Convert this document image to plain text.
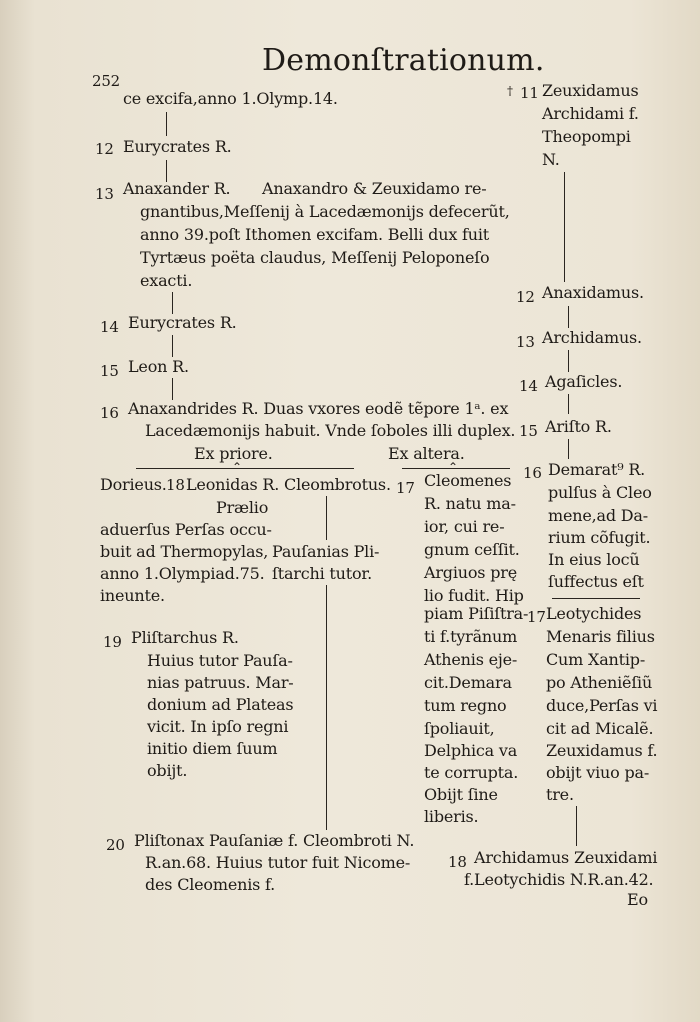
252
Demonſtrationum.
ce excifa,anno 1.Olymp.14.
12 Eurycrates R.
13 Anaxander R. Anaxandro & Zeuxidamo re-
gnantibus,Meſſenij à Lacedæmonijs defecerũt,
anno 39.poſt Ithomen excifam. Belli dux fuit
Tyrtæus poëta claudus, Meſſenij Peloponeſo
exacti.
14 Eurycrates R.
15 Leon R.
16 Anaxandrides R. Duas vxores eodẽ tẽpore 1ᵃ. ex
Lacedæmonijs habuit. Vnde ſoboles illi duplex.
Ex priore.	Ex altera.
⌃	⌃
Dorieus. 18 Leonidas R. Cleombrotus.
Prælio
aduerſus Perſas occu-
buit ad Thermopylas,
anno 1.Olympiad.75.
ineunte.
Pauſanias Pli-
ſtarchi tutor.
19 Pliſtarchus R.
Huius tutor Pauſa-
nias patruus. Mar-
donium ad Plateas
vicit. In ipſo regni
initio diem ſuum
obijt.
20 Pliſtonax Pauſaniæ f. Cleombroti N.
R.an.68. Huius tutor fuit Nicome-
des Cleomenis f.
17 Cleomenes
R. natu ma-
ior, cui re-
gnum ceſſit.
Argiuos prę
lio fudit. Hip
piam Piſiſtra-
ti f.tyrãnum
Athenis eje-
cit.Demara
tum regno
ſpoliauit,
Delphica va
te corrupta.
Obijt ſine
liberis.
† 11 Zeuxidamus
Archidami f.
Theopompi
N.
12 Anaxidamus.
13 Archidamus.
14 Agaſicles.
15 Ariſto R.
16 Demarat⁹ R.
pulſus à Cleo
mene,ad Da-
rium cõfugit.
In eius locũ
ſuffectus eſt
17 Leotychides
Menaris filius
Cum Xantip-
po Atheniẽſiũ
duce,Perſas vi
cit ad Micalẽ.
Zeuxidamus f.
obijt viuo pa-
tre.
18 Archidamus Zeuxidami
f.Leotychidis N.R.an.42.
Eo
